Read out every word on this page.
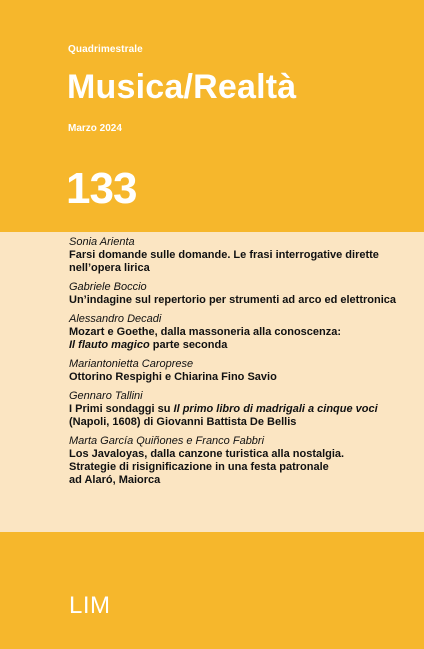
Quadrimestrale
Musica/Realtà
Marzo 2024
133
Sonia Arienta
Farsi domande sulle domande. Le frasi interrogative dirette
nell’opera lirica
Gabriele Boccio
Un’indagine sul repertorio per strumenti ad arco ed elettronica
Alessandro Decadi
Mozart e Goethe, dalla massoneria alla conoscenza:
Il flauto magico parte seconda
Mariantonietta Caroprese
Ottorino Respighi e Chiarina Fino Savio
Gennaro Tallini
I Primi sondaggi su Il primo libro di madrigali a cinque voci
(Napoli, 1608) di Giovanni Battista De Bellis
Marta García Quiñones e Franco Fabbri
Los Javaloyas, dalla canzone turistica alla nostalgia.
Strategie di risignificazione in una festa patronale
ad Alaró, Maiorca
LIM
